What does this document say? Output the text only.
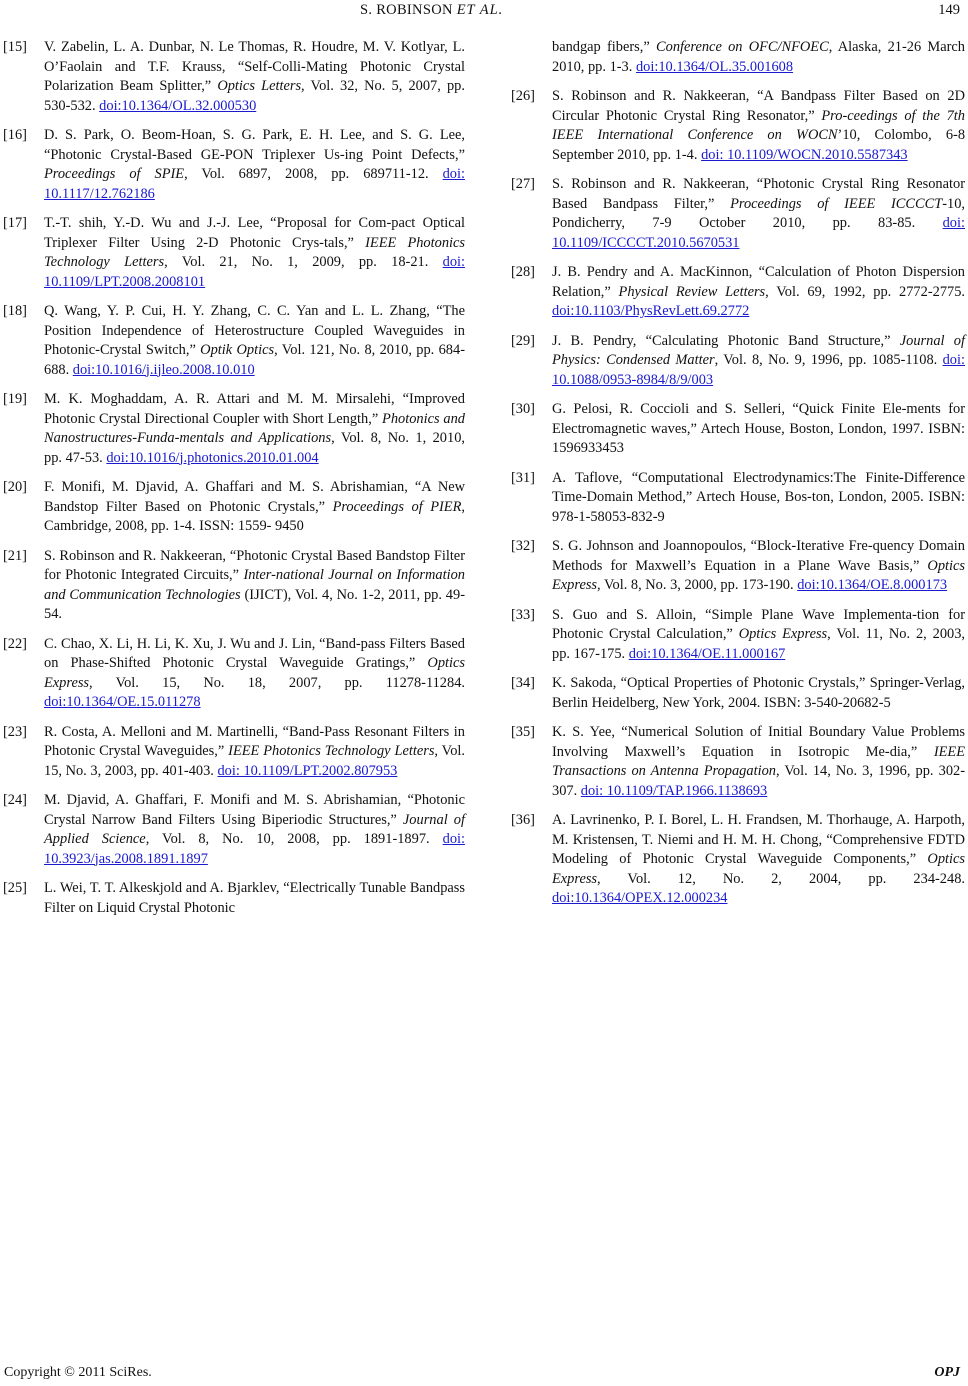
S. ROBINSON ET AL.	149
[15]	V. Zabelin, L. A. Dunbar, N. Le Thomas, R. Houdre, M. V. Kotlyar, L. O’Faolain and T.F. Krauss, “Self-Colli-Mating Photonic Crystal Polarization Beam Splitter,” Optics Letters, Vol. 32, No. 5, 2007, pp. 530-532. doi:10.1364/OL.32.000530
[16]	D. S. Park, O. Beom-Hoan, S. G. Park, E. H. Lee, and S. G. Lee, “Photonic Crystal-Based GE-PON Triplexer Us-ing Point Defects,” Proceedings of SPIE, Vol. 6897, 2008, pp. 689711-12. doi: 10.1117/12.762186
[17]	T.-T. shih, Y.-D. Wu and J.-J. Lee, “Proposal for Com-pact Optical Triplexer Filter Using 2-D Photonic Crys-tals,” IEEE Photonics Technology Letters, Vol. 21, No. 1, 2009, pp. 18-21. doi: 10.1109/LPT.2008.2008101
[18]	Q. Wang, Y. P. Cui, H. Y. Zhang, C. C. Yan and L. L. Zhang, “The Position Independence of Heterostructure Coupled Waveguides in Photonic-Crystal Switch,” Optik Optics, Vol. 121, No. 8, 2010, pp. 684-688. doi:10.1016/j.ijleo.2008.10.010
[19]	M. K. Moghaddam, A. R. Attari and M. M. Mirsalehi, “Improved Photonic Crystal Directional Coupler with Short Length,” Photonics and Nanostructures-Funda-mentals and Applications, Vol. 8, No. 1, 2010, pp. 47-53. doi:10.1016/j.photonics.2010.01.004
[20]	F. Monifi, M. Djavid, A. Ghaffari and M. S. Abrishamian, “A New Bandstop Filter Based on Photonic Crystals,” Proceedings of PIER, Cambridge, 2008, pp. 1-4. ISSN: 1559- 9450
[21]	S. Robinson and R. Nakkeeran, “Photonic Crystal Based Bandstop Filter for Photonic Integrated Circuits,” Inter-national Journal on Information and Communication Technologies (IJICT), Vol. 4, No. 1-2, 2011, pp. 49-54.
[22]	C. Chao, X. Li, H. Li, K. Xu, J. Wu and J. Lin, “Band-pass Filters Based on Phase-Shifted Photonic Crystal Waveguide Gratings,” Optics Express, Vol. 15, No. 18, 2007, pp. 11278-11284. doi:10.1364/OE.15.011278
[23]	R. Costa, A. Melloni and M. Martinelli, “Band-Pass Resonant Filters in Photonic Crystal Waveguides,” IEEE Photonics Technology Letters, Vol. 15, No. 3, 2003, pp. 401-403. doi: 10.1109/LPT.2002.807953
[24]	M. Djavid, A. Ghaffari, F. Monifi and M. S. Abrishamian, “Photonic Crystal Narrow Band Filters Using Biperiodic Structures,” Journal of Applied Science, Vol. 8, No. 10, 2008, pp. 1891-1897. doi: 10.3923/jas.2008.1891.1897
[25]	L. Wei, T. T. Alkeskjold and A. Bjarklev, “Electrically Tunable Bandpass Filter on Liquid Crystal Photonic
bandgap fibers,” Conference on OFC/NFOEC, Alaska, 21-26 March 2010, pp. 1-3. doi:10.1364/OL.35.001608
[26]	S. Robinson and R. Nakkeeran, “A Bandpass Filter Based on 2D Circular Photonic Crystal Ring Resonator,” Pro-ceedings of the 7th IEEE International Conference on WOCN’10, Colombo, 6-8 September 2010, pp. 1-4. doi: 10.1109/WOCN.2010.5587343
[27]	S. Robinson and R. Nakkeeran, “Photonic Crystal Ring Resonator Based Bandpass Filter,” Proceedings of IEEE ICCCCT-10, Pondicherry, 7-9 October 2010, pp. 83-85. doi: 10.1109/ICCCCT.2010.5670531
[28]	J. B. Pendry and A. MacKinnon, “Calculation of Photon Dispersion Relation,” Physical Review Letters, Vol. 69, 1992, pp. 2772-2775. doi:10.1103/PhysRevLett.69.2772
[29]	J. B. Pendry, “Calculating Photonic Band Structure,” Journal of Physics: Condensed Matter, Vol. 8, No. 9, 1996, pp. 1085-1108. doi: 10.1088/0953-8984/8/9/003
[30]	G. Pelosi, R. Coccioli and S. Selleri, “Quick Finite Ele-ments for Electromagnetic waves,” Artech House, Boston, London, 1997. ISBN: 1596933453
[31]	A. Taflove, “Computational Electrodynamics:The Finite-Difference Time-Domain Method,” Artech House, Bos-ton, London, 2005. ISBN: 978-1-58053-832-9
[32]	S. G. Johnson and Joannopoulos, “Block-Iterative Fre-quency Domain Methods for Maxwell’s Equation in a Plane Wave Basis,” Optics Express, Vol. 8, No. 3, 2000, pp. 173-190. doi:10.1364/OE.8.000173
[33]	S. Guo and S. Alloin, “Simple Plane Wave Implementa-tion for Photonic Crystal Calculation,” Optics Express, Vol. 11, No. 2, 2003, pp. 167-175. doi:10.1364/OE.11.000167
[34]	K. Sakoda, “Optical Properties of Photonic Crystals,” Springer-Verlag, Berlin Heidelberg, New York, 2004. ISBN: 3-540-20682-5
[35]	K. S. Yee, “Numerical Solution of Initial Boundary Value Problems Involving Maxwell’s Equation in Isotropic Me-dia,” IEEE Transactions on Antenna Propagation, Vol. 14, No. 3, 1996, pp. 302-307. doi: 10.1109/TAP.1966.1138693
[36]	A. Lavrinenko, P. I. Borel, L. H. Frandsen, M. Thorhauge, A. Harpoth, M. Kristensen, T. Niemi and H. M. H. Chong, “Comprehensive FDTD Modeling of Photonic Crystal Waveguide Components,” Optics Express, Vol. 12, No. 2, 2004, pp. 234-248. doi:10.1364/OPEX.12.000234
Copyright © 2011 SciRes.	OPJ
